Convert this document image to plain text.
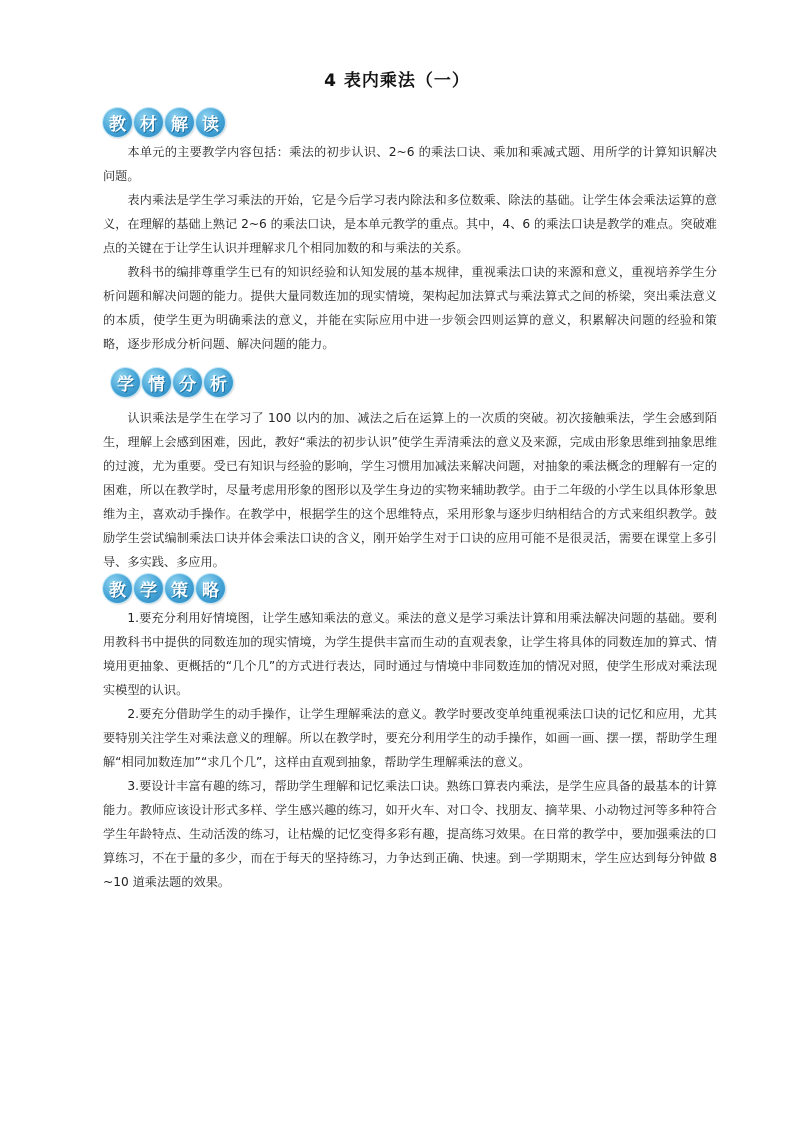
4 表内乘法（一）
教 材 解 读

本单元的主要教学内容包括：乘法的初步认识、2~6 的乘法口诀、乘加和乘减式题、用所学的计算知识解决问题。

表内乘法是学生学习乘法的开始，它是今后学习表内除法和多位数乘、除法的基础。让学生体会乘法运算的意义，在理解的基础上熟记 2~6 的乘法口诀，是本单元教学的重点。其中，4、6 的乘法口诀是教学的难点。突破难点的关键在于让学生认识并理解求几个相同加数的和与乘法的关系。

教科书的编排尊重学生已有的知识经验和认知发展的基本规律，重视乘法口诀的来源和意义，重视培养学生分析问题和解决问题的能力。提供大量同数连加的现实情境，架构起加法算式与乘法算式之间的桥梁，突出乘法意义的本质，使学生更为明确乘法的意义，并能在实际应用中进一步领会四则运算的意义，积累解决问题的经验和策略，逐步形成分析问题、解决问题的能力。

学 情 分 析

认识乘法是学生在学习了 100 以内的加、减法之后在运算上的一次质的突破。初次接触乘法，学生会感到陌生，理解上会感到困难，因此，教好“乘法的初步认识”使学生弄清乘法的意义及来源，完成由形象思维到抽象思维的过渡，尤为重要。受已有知识与经验的影响，学生习惯用加减法来解决问题，对抽象的乘法概念的理解有一定的困难，所以在教学时，尽量考虑用形象的图形以及学生身边的实物来辅助教学。由于二年级的小学生以具体形象思维为主，喜欢动手操作。在教学中，根据学生的这个思维特点，采用形象与逐步归纳相结合的方式来组织教学。鼓励学生尝试编制乘法口诀并体会乘法口诀的含义，刚开始学生对于口诀的应用可能不是很灵活，需要在课堂上多引导、多实践、多应用。

教 学 策 略

1.要充分利用好情境图，让学生感知乘法的意义。乘法的意义是学习乘法计算和用乘法解决问题的基础。要利用教科书中提供的同数连加的现实情境，为学生提供丰富而生动的直观表象，让学生将具体的同数连加的算式、情境用更抽象、更概括的“几个几”的方式进行表达，同时通过与情境中非同数连加的情况对照，使学生形成对乘法现实模型的认识。

2.要充分借助学生的动手操作，让学生理解乘法的意义。教学时要改变单纯重视乘法口诀的记忆和应用，尤其要特别关注学生对乘法意义的理解。所以在教学时，要充分利用学生的动手操作，如画一画、摆一摆，帮助学生理解“相同加数连加”“求几个几”，这样由直观到抽象，帮助学生理解乘法的意义。

3.要设计丰富有趣的练习，帮助学生理解和记忆乘法口诀。熟练口算表内乘法，是学生应具备的最基本的计算能力。教师应该设计形式多样、学生感兴趣的练习，如开火车、对口令、找朋友、摘苹果、小动物过河等多种符合学生年龄特点、生动活泼的练习，让枯燥的记忆变得多彩有趣，提高练习效果。在日常的教学中，要加强乘法的口算练习，不在于量的多少，而在于每天的坚持练习，力争达到正确、快速。到一学期期末，学生应达到每分钟做 8~10 道乘法题的效果。
